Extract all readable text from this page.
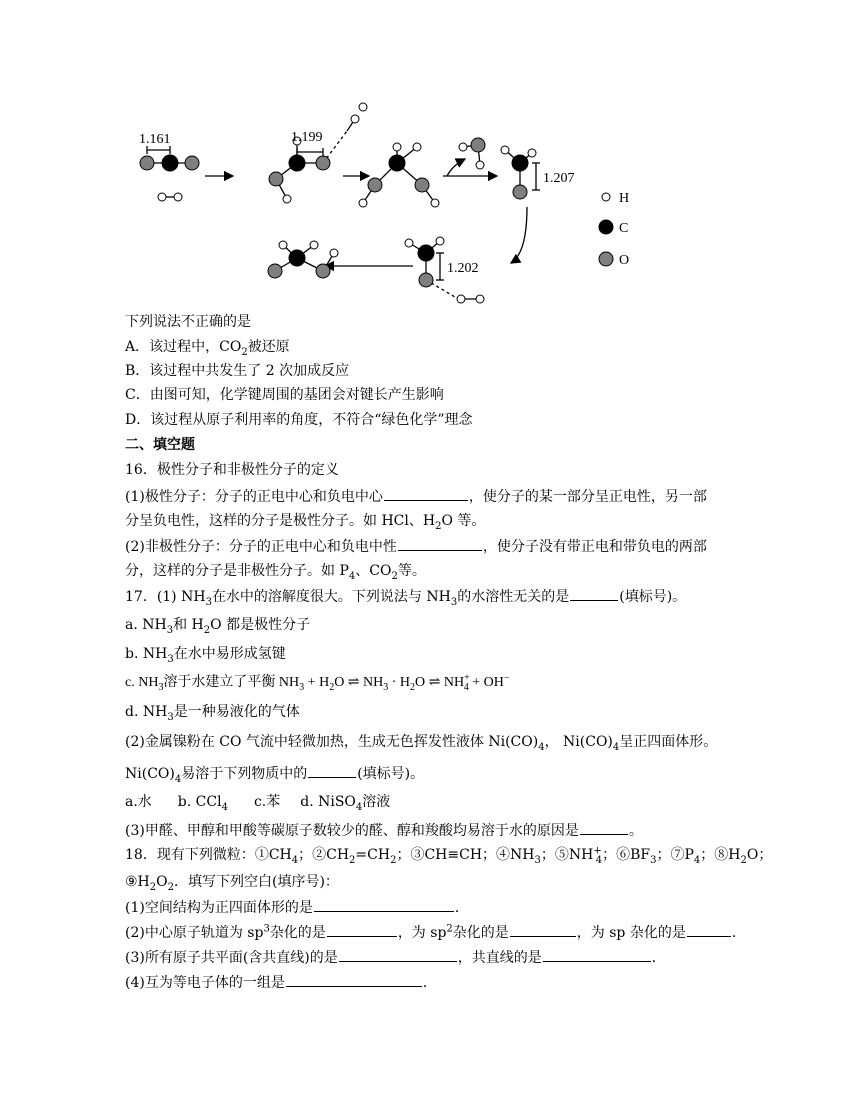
1.161	1.199
1.207
1.202
H
C
O
下列说法不正确的是
A．该过程中，$CO_2$被还原
B．该过程中共发生了 2 次加成反应
C．由图可知，化学键周围的基团会对键长产生影响
D．该过程从原子利用率的角度，不符合“绿色化学”理念
二、填空题
16．极性分子和非极性分子的定义
(1)极性分子：分子的正电中心和负电中心	，使分子的某一部分呈正电性，另一部
分呈负电性，这样的分子是极性分子。如 HCl、$H_2O$ 等。
(2)非极性分子：分子的正电中心和负电中性	，使分子没有带正电和带负电的两部
分，这样的分子是非极性分子。如 $P_4$、$CO_2$等。
17．(1) $NH_3$在水中的溶解度很大。下列说法与 $NH_3$的水溶性无关的是	(填标号)。
a. $NH_3$和 $H_2O$ 都是极性分子
b. $NH_3$在水中易形成氢键
c. $NH_3$溶于水建立了平衡 $NH_3 + H_2O$ ⇌ $NH_3 \cdot H_2O$ ⇌ $NH^+_4 + OH^-$
d. $NH_3$是一种易液化的气体
(2)金属镍粉在 CO 气流中轻微加热，生成无色挥发性液体 $Ni(CO)_4$， $Ni(CO)_4$呈正四面体形。
$Ni(CO)_4$易溶于下列物质中的	(填标号)。
a.水 b. CCl$_4$ c.苯 d. NiSO$_4$溶液
(3)甲醛、甲醇和甲酸等碳原子数较少的醛、醇和羧酸均易溶于水的原因是	。
18．现有下列微粒：$①CH_4$；$②CH_2=CH_2$；③CH≡CH；$④NH_3$；$⑤NH^+_4$；$⑥BF_3$；$⑦P_4$；$⑧H_2O$；
$⑨H_2O_2$．填写下列空白(填序号)：
(1)空间结构为正四面体形的是	．
(2)中心原子轨道为 $sp^3$杂化的是	，为 $sp^2$杂化的是	，为 sp 杂化的是	．
(3)所有原子共平面(含共直线)的是	，共直线的是	．
(4)互为等电子体的一组是	．
